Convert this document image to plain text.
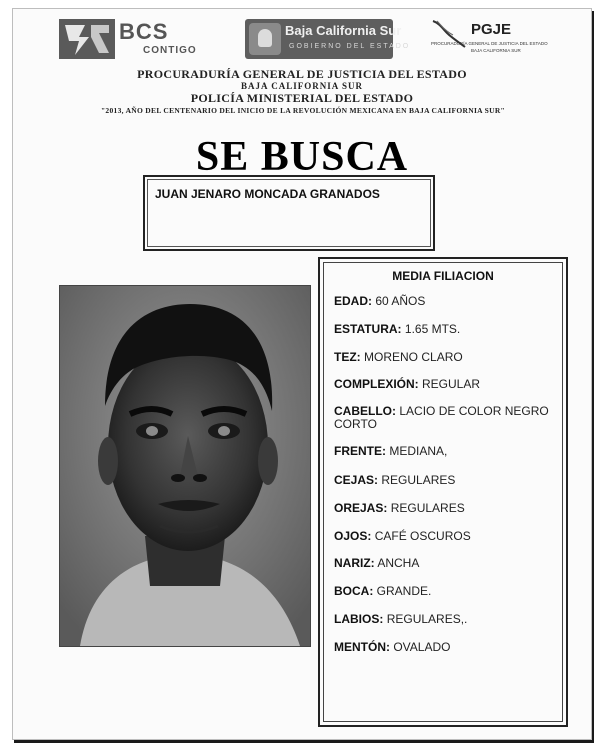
BCS
CONTIGO
Baja California Sur
GOBIERNO DEL ESTADO
PGJE
PROCURADURÍA GENERAL DE JUSTICIA DEL ESTADO
BAJA CALIFORNIA SUR
PROCURADURÍA GENERAL DE JUSTICIA DEL ESTADO
BAJA CALIFORNIA SUR
POLICÍA MINISTERIAL DEL ESTADO
"2013, AÑO DEL CENTENARIO DEL INICIO DE LA REVOLUCIÓN MEXICANA EN BAJA CALIFORNIA SUR"
SE BUSCA
JUAN JENARO MONCADA GRANADOS
MEDIA FILIACION
EDAD: 60 AÑOS
ESTATURA: 1.65 MTS.
TEZ: MORENO CLARO
COMPLEXIÓN: REGULAR
CABELLO: LACIO DE COLOR NEGRO CORTO
FRENTE: MEDIANA,
CEJAS: REGULARES
OREJAS: REGULARES
OJOS: CAFÉ OSCUROS
NARIZ: ANCHA
BOCA: GRANDE.
LABIOS: REGULARES,.
MENTÓN: OVALADO
